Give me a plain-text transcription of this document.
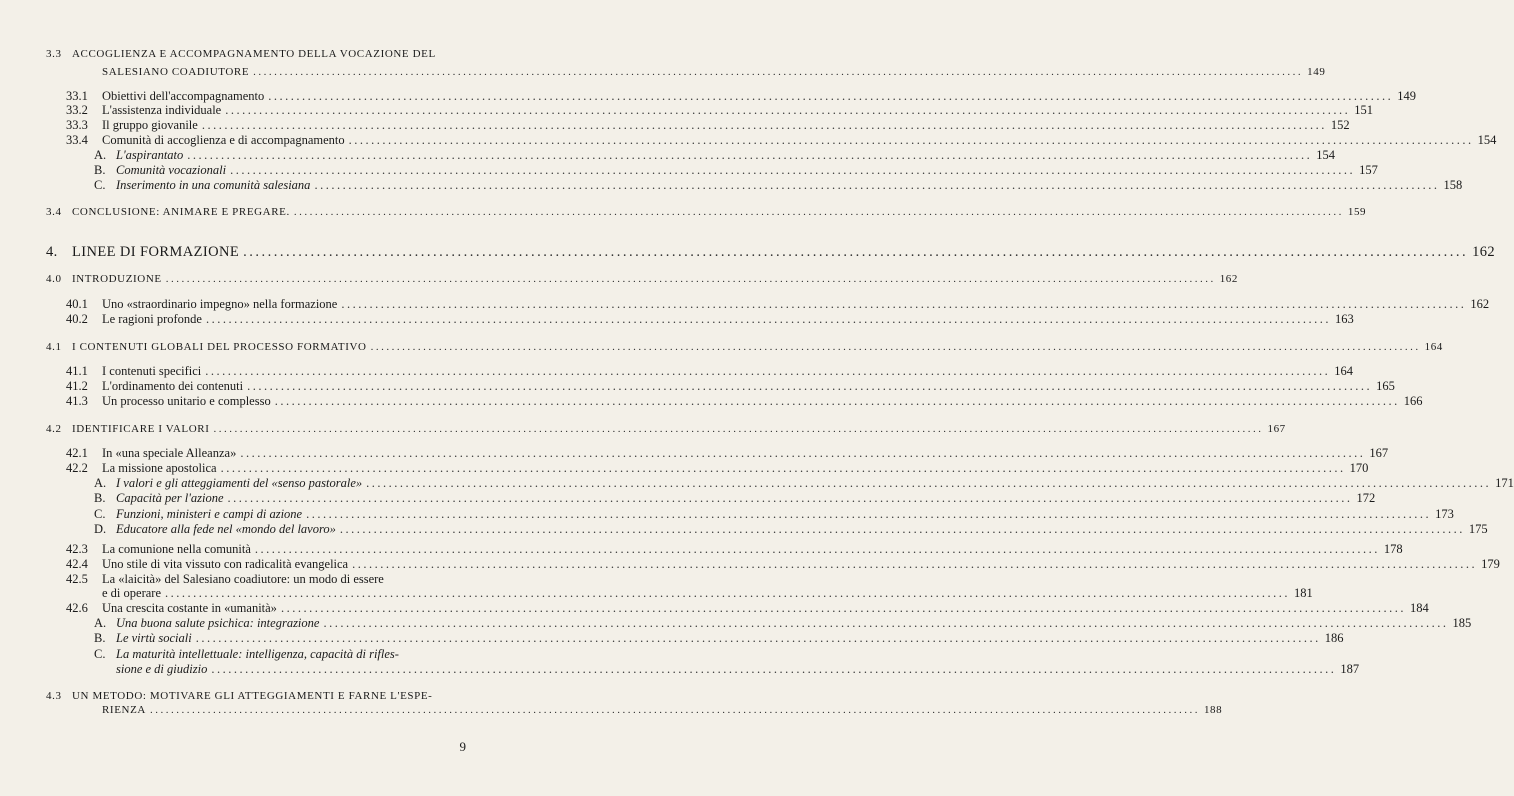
3.3 ACCOGLIENZA E ACCOMPAGNAMENTO DELLA VOCAZIONE DEL
SALESIANO COADIUTORE ........................................................................................................................................................................................................ 149
33.1	Obiettivi dell'accompagnamento ........................................................................................................................................................................................................ 149
33.2	L'assistenza individuale ........................................................................................................................................................................................................ 151
33.3	Il gruppo giovanile ........................................................................................................................................................................................................ 152
33.4	Comunità di accoglienza e di accompagnamento ........................................................................................................................................................................................................ 154
A. L'aspirantato ........................................................................................................................................................................................................ 154
B. Comunità vocazionali ........................................................................................................................................................................................................ 157
C. Inserimento in una comunità salesiana ........................................................................................................................................................................................................ 158
3.4 CONCLUSIONE: ANIMARE E PREGARE. ........................................................................................................................................................................................................ 159
4. LINEE DI FORMAZIONE ........................................................................................................................................................................................................ 162
4.0 INTRODUZIONE ........................................................................................................................................................................................................ 162
40.1	Uno «straordinario impegno» nella formazione ........................................................................................................................................................................................................ 162
40.2	Le ragioni profonde ........................................................................................................................................................................................................ 163
4.1 I CONTENUTI GLOBALI DEL PROCESSO FORMATIVO ........................................................................................................................................................................................................ 164
41.1	I contenuti specifici ........................................................................................................................................................................................................ 164
41.2	L'ordinamento dei contenuti ........................................................................................................................................................................................................ 165
41.3	Un processo unitario e complesso ........................................................................................................................................................................................................ 166
4.2 IDENTIFICARE I VALORI ........................................................................................................................................................................................................ 167
42.1	In «una speciale Alleanza» ........................................................................................................................................................................................................ 167
42.2	La missione apostolica ........................................................................................................................................................................................................ 170
A. I valori e gli atteggiamenti del «senso pastorale» ........................................................................................................................................................................................................ 171
B. Capacità per l'azione ........................................................................................................................................................................................................ 172
C. Funzioni, ministeri e campi di azione ........................................................................................................................................................................................................ 173
D. Educatore alla fede nel «mondo del lavoro» ........................................................................................................................................................................................................ 175
42.3	La comunione nella comunità ........................................................................................................................................................................................................ 178
42.4	Uno stile di vita vissuto con radicalità evangelica ........................................................................................................................................................................................................ 179
42.5	La «laicità» del Salesiano coadiutore: un modo di essere
e di operare ........................................................................................................................................................................................................ 181
42.6	Una crescita costante in «umanità» ........................................................................................................................................................................................................ 184
A. Una buona salute psichica: integrazione ........................................................................................................................................................................................................ 185
B. Le virtù sociali ........................................................................................................................................................................................................ 186
C. La maturità intellettuale: intelligenza, capacità di rifles-
sione e di giudizio ........................................................................................................................................................................................................ 187
4.3 UN METODO: MOTIVARE GLI ATTEGGIAMENTI E FARNE L'ESPE-
RIENZA ........................................................................................................................................................................................................ 188
9
